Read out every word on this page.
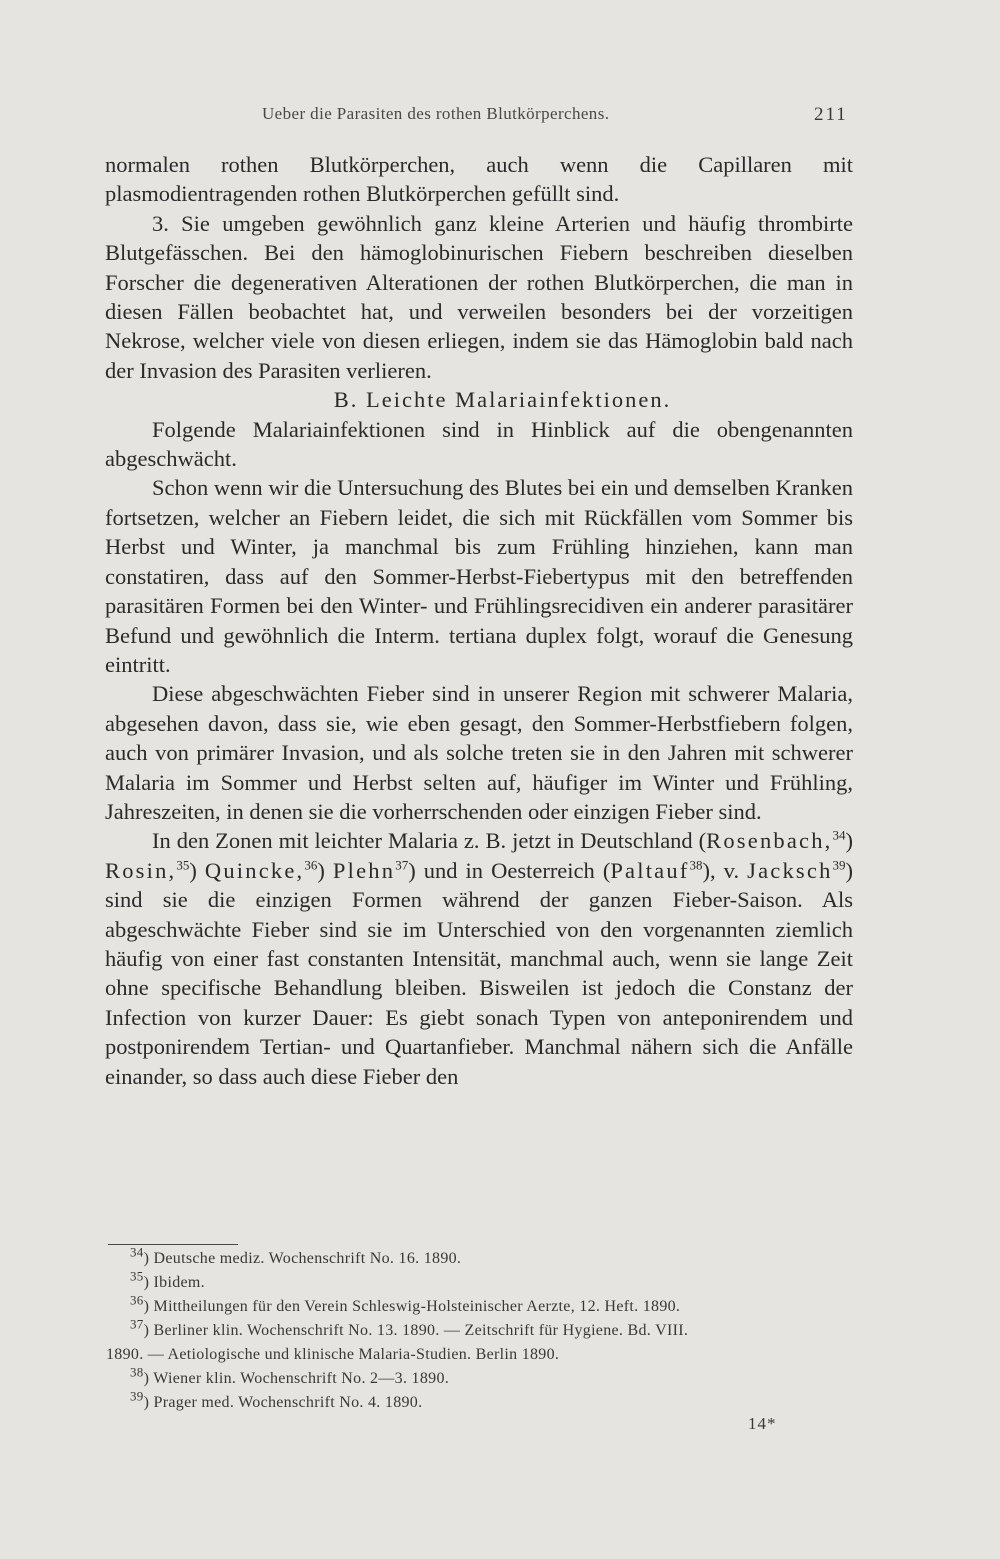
Ueber die Parasiten des rothen Blutkörperchens.	211

normalen rothen Blutkörperchen, auch wenn die Capillaren mit plasmodientragenden rothen Blutkörperchen gefüllt sind.

3. Sie umgeben gewöhnlich ganz kleine Arterien und häufig thrombirte Blutgefässchen. Bei den hämoglobinurischen Fiebern beschreiben dieselben Forscher die degenerativen Alterationen der rothen Blutkörperchen, die man in diesen Fällen beobachtet hat, und verweilen besonders bei der vorzeitigen Nekrose, welcher viele von diesen erliegen, indem sie das Hämoglobin bald nach der Invasion des Parasiten verlieren.

B. Leichte Malariainfektionen.

Folgende Malariainfektionen sind in Hinblick auf die obengenannten abgeschwächt.

Schon wenn wir die Untersuchung des Blutes bei ein und demselben Kranken fortsetzen, welcher an Fiebern leidet, die sich mit Rückfällen vom Sommer bis Herbst und Winter, ja manchmal bis zum Frühling hinziehen, kann man constatiren, dass auf den Sommer-Herbst-Fiebertypus mit den betreffenden parasitären Formen bei den Winter- und Frühlingsrecidiven ein anderer parasitärer Befund und gewöhnlich die Interm. tertiana duplex folgt, worauf die Genesung eintritt.

Diese abgeschwächten Fieber sind in unserer Region mit schwerer Malaria, abgesehen davon, dass sie, wie eben gesagt, den Sommer-Herbstfiebern folgen, auch von primärer Invasion, und als solche treten sie in den Jahren mit schwerer Malaria im Sommer und Herbst selten auf, häufiger im Winter und Frühling, Jahreszeiten, in denen sie die vorherrschenden oder einzigen Fieber sind.

In den Zonen mit leichter Malaria z. B. jetzt in Deutschland (Rosenbach,$^{34}$) Rosin,$^{35}$) Quincke,$^{36}$) Plehn$^{37}$) und in Oesterreich (Paltauf$^{38}$), v. Jacksch$^{39}$) sind sie die einzigen Formen während der ganzen Fieber-Saison. Als abgeschwächte Fieber sind sie im Unterschied von den vorgenannten ziemlich häufig von einer fast constanten Intensität, manchmal auch, wenn sie lange Zeit ohne specifische Behandlung bleiben. Bisweilen ist jedoch die Constanz der Infection von kurzer Dauer: Es giebt sonach Typen von anteponirendem und postponirendem Tertian- und Quartanfieber. Manchmal nähern sich die Anfälle einander, so dass auch diese Fieber den

$^{34}$) Deutsche mediz. Wochenschrift No. 16. 1890.
$^{35}$) Ibidem.
$^{36}$) Mittheilungen für den Verein Schleswig-Holsteinischer Aerzte, 12. Heft. 1890.
$^{37}$) Berliner klin. Wochenschrift No. 13. 1890. — Zeitschrift für Hygiene. Bd. VIII.
1890. — Aetiologische und klinische Malaria-Studien. Berlin 1890.
$^{38}$) Wiener klin. Wochenschrift No. 2—3. 1890.
$^{39}$) Prager med. Wochenschrift No. 4. 1890.
14*
